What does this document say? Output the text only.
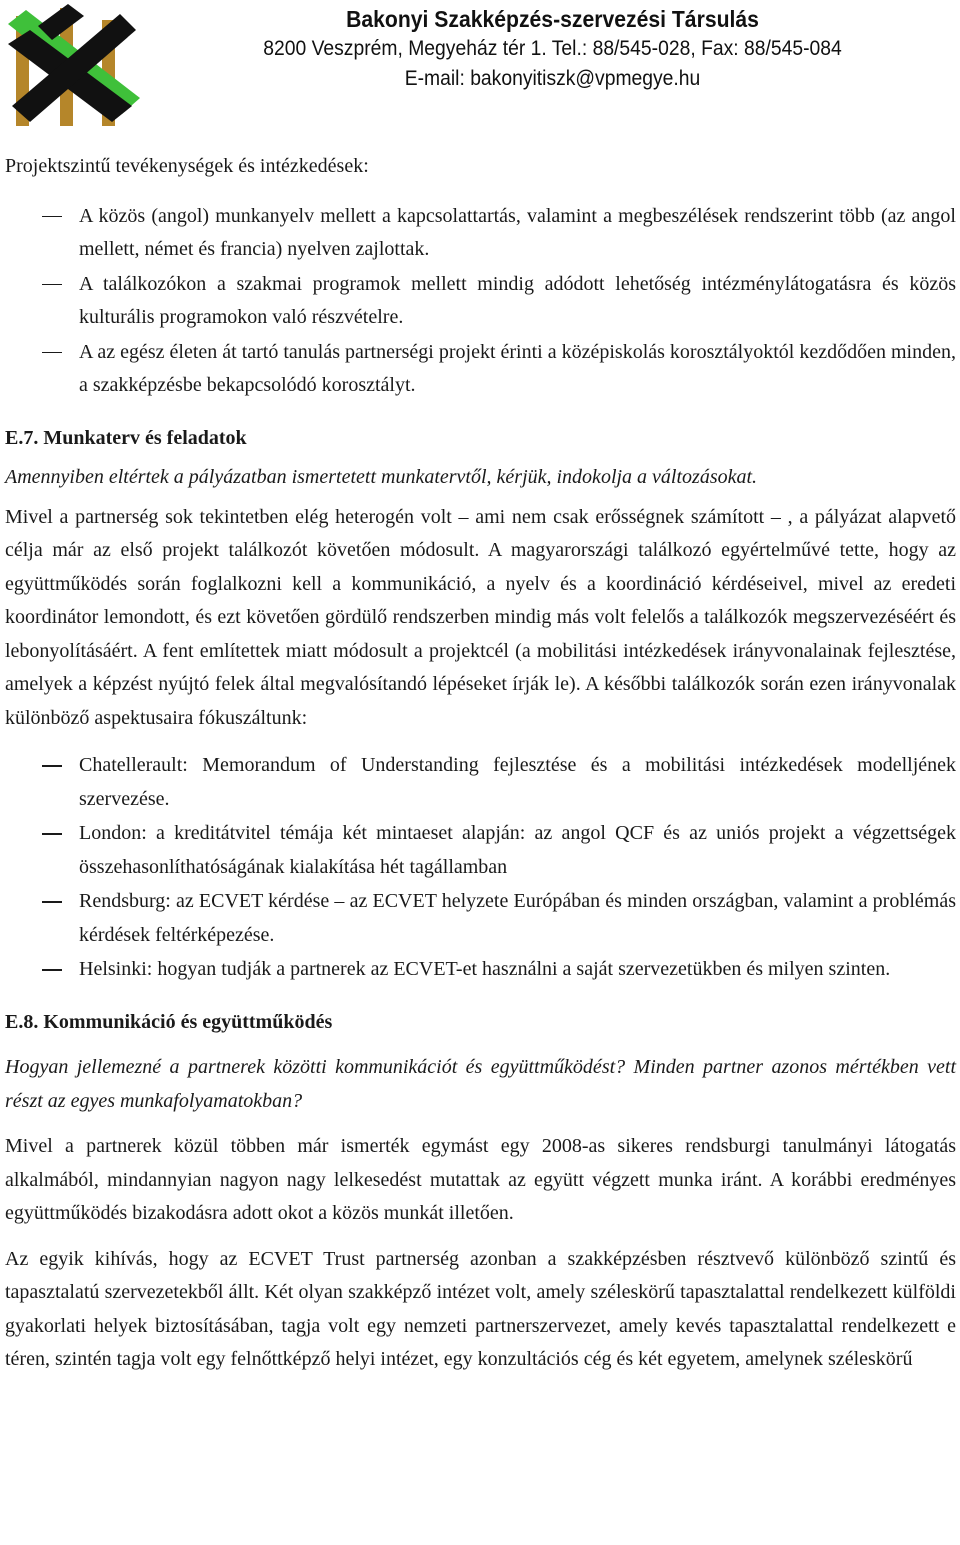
Bakonyi Szakképzés-szervezési Társulás
8200 Veszprém, Megyeház tér 1. Tel.: 88/545-028, Fax: 88/545-084
E-mail: bakonyitiszk@vpmegye.hu

Projektszintű tevékenységek és intézkedések:

A közös (angol) munkanyelv mellett a kapcsolattartás, valamint a megbeszélések rendszerint több (az angol mellett, német és francia) nyelven zajlottak.
A találkozókon a szakmai programok mellett mindig adódott lehetőség intézménylátogatásra és közös kulturális programokon való részvételre.
A az egész életen át tartó tanulás partnerségi projekt érinti a középiskolás korosztályoktól kezdődően minden, a szakképzésbe bekapcsolódó korosztályt.
E.7. Munkaterv és feladatok

Amennyiben eltértek a pályázatban ismertetett munkatervtől, kérjük, indokolja a változásokat.

Mivel a partnerség sok tekintetben elég heterogén volt – ami nem csak erősségnek számított – , a pályázat alapvető célja már az első projekt találkozót követően módosult. A magyarországi találkozó egyértelművé tette, hogy az együttműködés során foglalkozni kell a kommunikáció, a nyelv és a koordináció kérdéseivel, mivel az eredeti koordinátor lemondott, és ezt követően gördülő rendszerben mindig más volt felelős a találkozók megszervezéséért és lebonyolításáért. A fent említettek miatt módosult a projektcél (a mobilitási intézkedések irányvonalainak fejlesztése, amelyek a képzést nyújtó felek által megvalósítandó lépéseket írják le). A későbbi találkozók során ezen irányvonalak különböző aspektusaira fókuszáltunk:

Chatellerault: Memorandum of Understanding fejlesztése és a mobilitási intézkedések modelljének szervezése.
London: a kreditátvitel témája két mintaeset alapján: az angol QCF és az uniós projekt a végzettségek összehasonlíthatóságának kialakítása hét tagállamban
Rendsburg: az ECVET kérdése – az ECVET helyzete Európában és minden országban, valamint a problémás kérdések feltérképezése.
Helsinki: hogyan tudják a partnerek az ECVET-et használni a saját szervezetükben és milyen szinten.
E.8. Kommunikáció és együttműködés

Hogyan jellemezné a partnerek közötti kommunikációt és együttműködést? Minden partner azonos mértékben vett részt az egyes munkafolyamatokban?

Mivel a partnerek közül többen már ismerték egymást egy 2008-as sikeres rendsburgi tanulmányi látogatás alkalmából, mindannyian nagyon nagy lelkesedést mutattak az együtt végzett munka iránt. A korábbi eredményes együttműködés bizakodásra adott okot a közös munkát illetően.

Az egyik kihívás, hogy az ECVET Trust partnerség azonban a szakképzésben résztvevő különböző szintű és tapasztalatú szervezetekből állt. Két olyan szakképző intézet volt, amely széleskörű tapasztalattal rendelkezett külföldi gyakorlati helyek biztosításában, tagja volt egy nemzeti partnerszervezet, amely kevés tapasztalattal rendelkezett e téren, szintén tagja volt egy felnőttképző helyi intézet, egy konzultációs cég és két egyetem, amelynek széleskörű
